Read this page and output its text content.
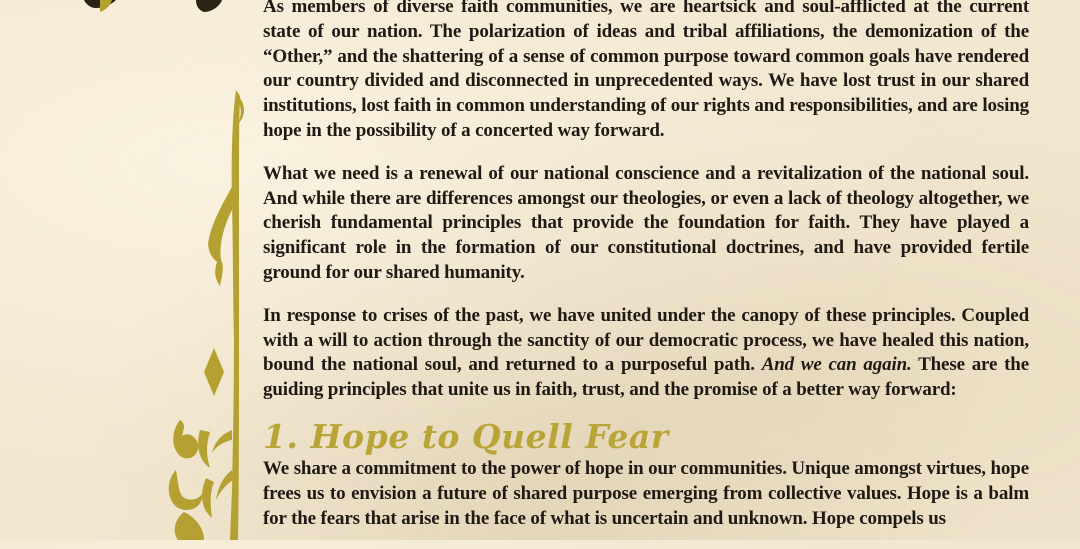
As members of diverse faith communities, we are heartsick and soul-afflicted at the current state of our nation. The polarization of ideas and tribal affiliations, the demonization of the “Other,” and the shattering of a sense of common purpose toward common goals have rendered our country divided and disconnected in unprecedented ways. We have lost trust in our shared institutions, lost faith in common understanding of our rights and responsibilities, and are losing hope in the possibility of a concerted way forward.

What we need is a renewal of our national conscience and a revitalization of the national soul. And while there are differences amongst our theologies, or even a lack of theology altogether, we cherish fundamental principles that provide the foundation for faith. They have played a significant role in the formation of our constitutional doctrines, and have provided fertile ground for our shared humanity.

In response to crises of the past, we have united under the canopy of these principles. Coupled with a will to action through the sanctity of our democratic process, we have healed this nation, bound the national soul, and returned to a purposeful path. And we can again. These are the guiding principles that unite us in faith, trust, and the promise of a better way forward:

1. Hope to Quell Fear

We share a commitment to the power of hope in our communities. Unique amongst virtues, hope frees us to envision a future of shared purpose emerging from collective values. Hope is a balm for the fears that arise in the face of what is uncertain and unknown. Hope compels us
